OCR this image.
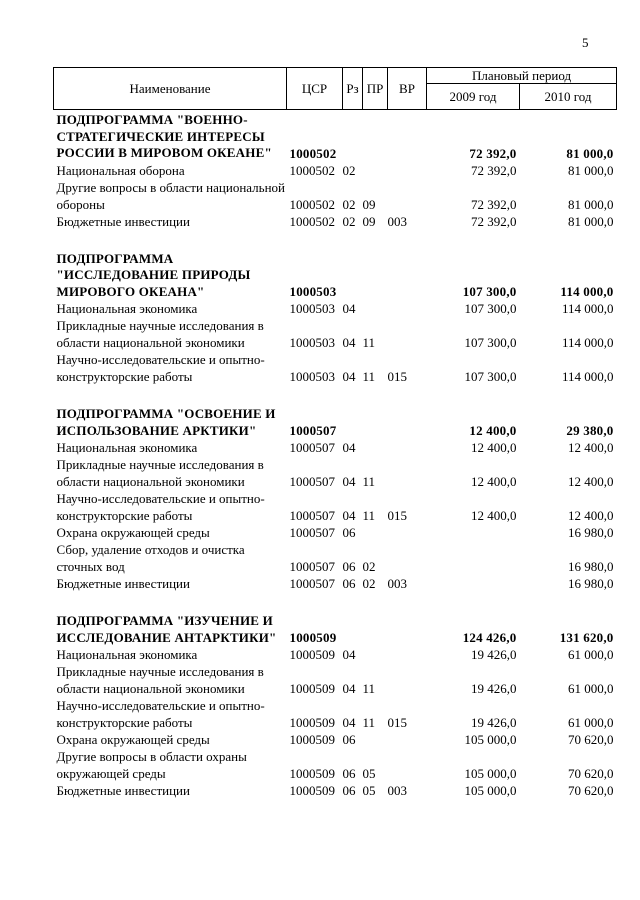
5
Наименование	ЦСР	Рз	ПР	ВР	Плановый период	
					2009 год	2010 год
ПОДПРОГРАММА "ВОЕННО-СТРАТЕГИЧЕСКИЕ ИНТЕРЕСЫ РОССИИ В МИРОВОМ ОКЕАНЕ"	1000502				72 392,0	81 000,0
Национальная оборона	1000502	02			72 392,0	81 000,0
Другие вопросы в области национальной обороны	1000502	02	09		72 392,0	81 000,0
Бюджетные инвестиции	1000502	02	09	003	72 392,0	81 000,0

ПОДПРОГРАММА "ИССЛЕДОВАНИЕ ПРИРОДЫ МИРОВОГО ОКЕАНА"	1000503				107 300,0	114 000,0
Национальная экономика	1000503	04			107 300,0	114 000,0
Прикладные научные исследования в области национальной экономики	1000503	04	11		107 300,0	114 000,0
Научно-исследовательские и опытно-конструкторские работы	1000503	04	11	015	107 300,0	114 000,0

ПОДПРОГРАММА "ОСВОЕНИЕ И ИСПОЛЬЗОВАНИЕ АРКТИКИ"	1000507				12 400,0	29 380,0
Национальная экономика	1000507	04			12 400,0	12 400,0
Прикладные научные исследования в области национальной экономики	1000507	04	11		12 400,0	12 400,0
Научно-исследовательские и опытно-конструкторские работы	1000507	04	11	015	12 400,0	12 400,0
Охрана окружающей среды	1000507	06				16 980,0
Сбор, удаление отходов и очистка сточных вод	1000507	06	02			16 980,0
Бюджетные инвестиции	1000507	06	02	003		16 980,0

ПОДПРОГРАММА "ИЗУЧЕНИЕ И ИССЛЕДОВАНИЕ АНТАРКТИКИ"	1000509				124 426,0	131 620,0
Национальная экономика	1000509	04			19 426,0	61 000,0
Прикладные научные исследования в области национальной экономики	1000509	04	11		19 426,0	61 000,0
Научно-исследовательские и опытно-конструкторские работы	1000509	04	11	015	19 426,0	61 000,0
Охрана окружающей среды	1000509	06			105 000,0	70 620,0
Другие вопросы в области охраны окружающей среды	1000509	06	05		105 000,0	70 620,0
Бюджетные инвестиции	1000509	06	05	003	105 000,0	70 620,0
